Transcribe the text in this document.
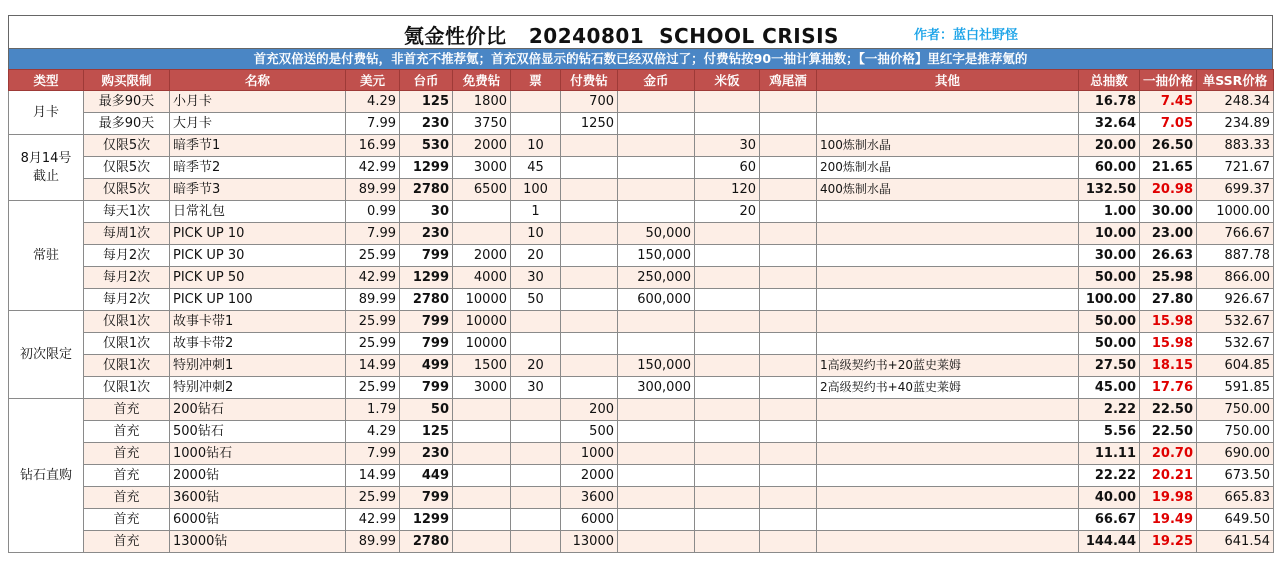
氪金性价比   20240801  SCHOOL CRISIS	作者：蓝白社野怪
首充双倍送的是付费钻，非首充不推荐氪；首充双倍显示的钻石数已经双倍过了；付费钻按90一抽计算抽数；【一抽价格】里红字是推荐氪的
类型	购买限制	名称	美元	台币	免费钻	票	付费钻	金币	米饭	鸡尾酒	其他	总抽数	一抽价格	单SSR价格
月卡	最多90天	小月卡	4.29	125	1800		700					16.78	7.45	248.34
	最多90天	大月卡	7.99	230	3750		1250					32.64	7.05	234.89
8月14号截止	仅限5次	暗季节1	16.99	530	2000	10			30		100炼制水晶	20.00	26.50	883.33
	仅限5次	暗季节2	42.99	1299	3000	45			60		200炼制水晶	60.00	21.65	721.67
	仅限5次	暗季节3	89.99	2780	6500	100			120		400炼制水晶	132.50	20.98	699.37
常驻	每天1次	日常礼包	0.99	30		1			20			1.00	30.00	1000.00
	每周1次	PICK UP 10	7.99	230		10		50,000				10.00	23.00	766.67
	每月2次	PICK UP 30	25.99	799	2000	20		150,000				30.00	26.63	887.78
	每月2次	PICK UP 50	42.99	1299	4000	30		250,000				50.00	25.98	866.00
	每月2次	PICK UP 100	89.99	2780	10000	50		600,000				100.00	27.80	926.67
初次限定	仅限1次	故事卡带1	25.99	799	10000							50.00	15.98	532.67
	仅限1次	故事卡带2	25.99	799	10000							50.00	15.98	532.67
	仅限1次	特别冲刺1	14.99	499	1500	20		150,000			1高级契约书+20蓝史莱姆	27.50	18.15	604.85
	仅限1次	特别冲刺2	25.99	799	3000	30		300,000			2高级契约书+40蓝史莱姆	45.00	17.76	591.85
钻石直购	首充	200钻石	1.79	50			200					2.22	22.50	750.00
	首充	500钻石	4.29	125			500					5.56	22.50	750.00
	首充	1000钻石	7.99	230			1000					11.11	20.70	690.00
	首充	2000钻	14.99	449			2000					22.22	20.21	673.50
	首充	3600钻	25.99	799			3600					40.00	19.98	665.83
	首充	6000钻	42.99	1299			6000					66.67	19.49	649.50
	首充	13000钻	89.99	2780			13000					144.44	19.25	641.54
